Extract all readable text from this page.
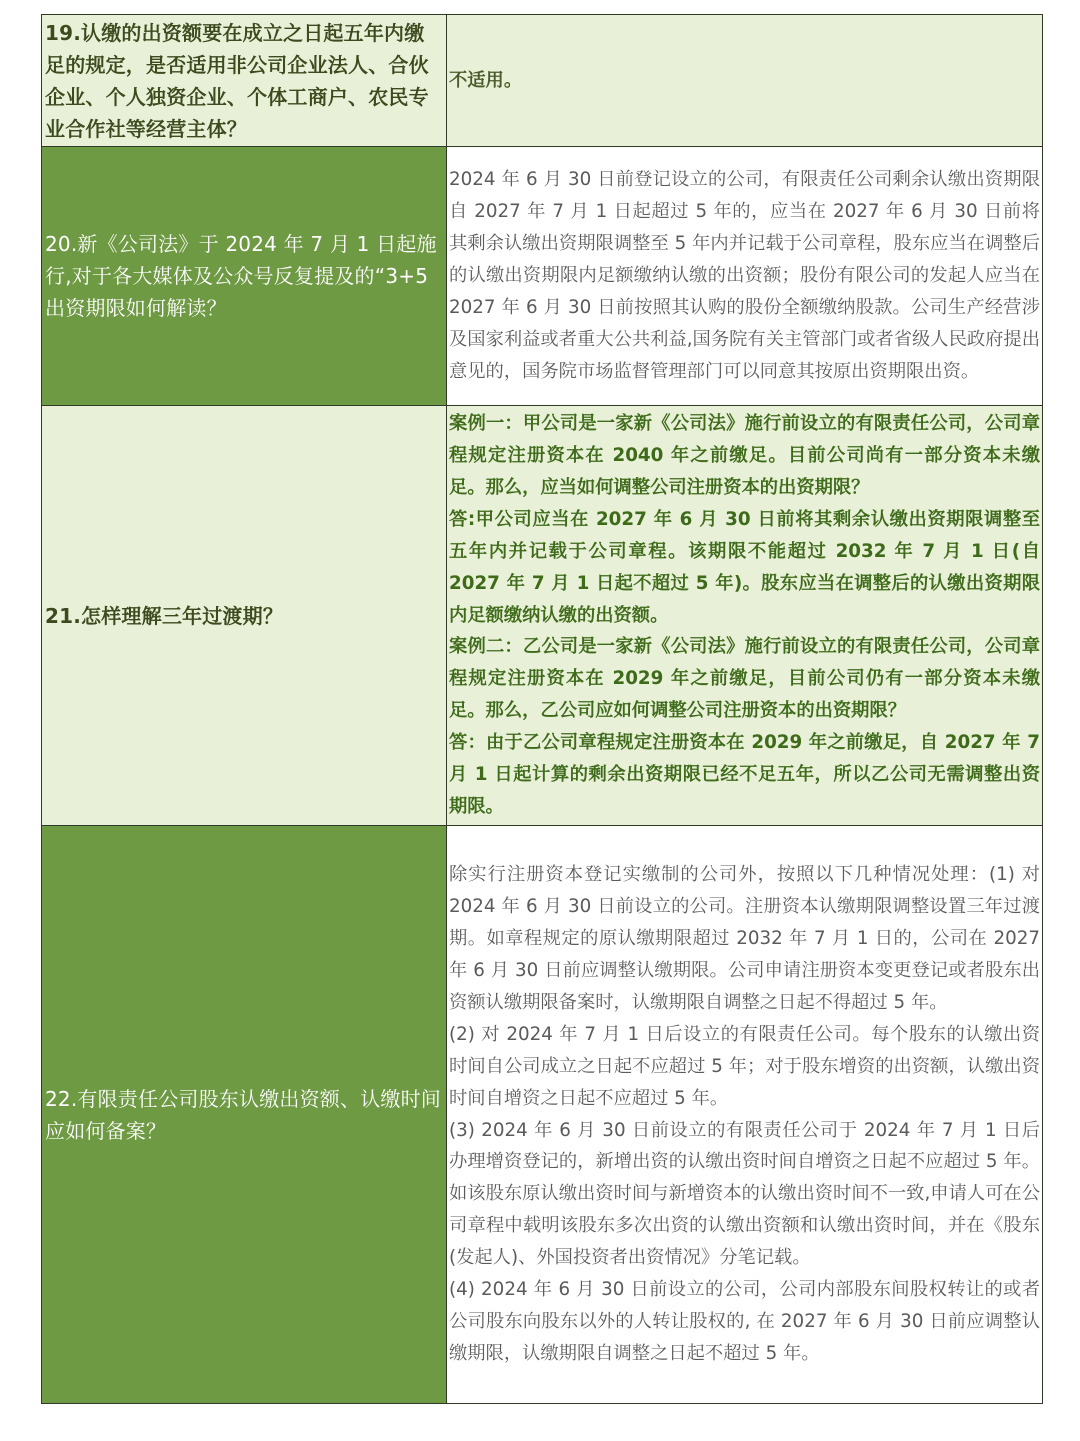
19.认缴的出资额要在成立之日起五年内缴足的规定，是否适用非公司企业法人、合伙企业、个人独资企业、个体工商户、农民专业合作社等经营主体？	不适用。

20.新《公司法》于 2024 年 7 月 1 日起施行,对于各大媒体及公众号反复提及的“3+5 出资期限如何解读？	2024 年 6 月 30 日前登记设立的公司，有限责任公司剩余认缴出资期限自 2027 年 7 月 1 日起超过 5 年的，应当在 2027 年 6 月 30 日前将其剩余认缴出资期限调整至 5 年内并记载于公司章程，股东应当在调整后的认缴出资期限内足额缴纳认缴的出资额；股份有限公司的发起人应当在 2027 年 6 月 30 日前按照其认购的股份全额缴纳股款。公司生产经营涉及国家利益或者重大公共利益,国务院有关主管部门或者省级人民政府提出意见的，国务院市场监督管理部门可以同意其按原出资期限出资。

21.怎样理解三年过渡期？	案例一：甲公司是一家新《公司法》施行前设立的有限责任公司，公司章程规定注册资本在 2040 年之前缴足。目前公司尚有一部分资本未缴足。那么，应当如何调整公司注册资本的出资期限？

答:甲公司应当在 2027 年 6 月 30 日前将其剩余认缴出资期限调整至五年内并记载于公司章程。该期限不能超过 2032 年 7 月 1 日(自 2027 年 7 月 1 日起不超过 5 年)。股东应当在调整后的认缴出资期限内足额缴纳认缴的出资额。

案例二：乙公司是一家新《公司法》施行前设立的有限责任公司，公司章程规定注册资本在 2029 年之前缴足，目前公司仍有一部分资本未缴足。那么，乙公司应如何调整公司注册资本的出资期限？

答：由于乙公司章程规定注册资本在 2029 年之前缴足，自 2027 年 7 月 1 日起计算的剩余出资期限已经不足五年，所以乙公司无需调整出资期限。

22.有限责任公司股东认缴出资额、认缴时间应如何备案？	除实行注册资本登记实缴制的公司外，按照以下几种情况处理：(1) 对 2024 年 6 月 30 日前设立的公司。注册资本认缴期限调整设置三年过渡期。如章程规定的原认缴期限超过 2032 年 7 月 1 日的，公司在 2027 年 6 月 30 日前应调整认缴期限。公司申请注册资本变更登记或者股东出资额认缴期限备案时，认缴期限自调整之日起不得超过 5 年。

(2) 对 2024 年 7 月 1 日后设立的有限责任公司。每个股东的认缴出资时间自公司成立之日起不应超过 5 年；对于股东增资的出资额，认缴出资时间自增资之日起不应超过 5 年。

(3) 2024 年 6 月 30 日前设立的有限责任公司于 2024 年 7 月 1 日后办理增资登记的，新增出资的认缴出资时间自增资之日起不应超过 5 年。如该股东原认缴出资时间与新增资本的认缴出资时间不一致,申请人可在公司章程中载明该股东多次出资的认缴出资额和认缴出资时间，并在《股东(发起人)、外国投资者出资情况》分笔记载。

(4) 2024 年 6 月 30 日前设立的公司，公司内部股东间股权转让的或者公司股东向股东以外的人转让股权的, 在 2027 年 6 月 30 日前应调整认缴期限，认缴期限自调整之日起不超过 5 年。
